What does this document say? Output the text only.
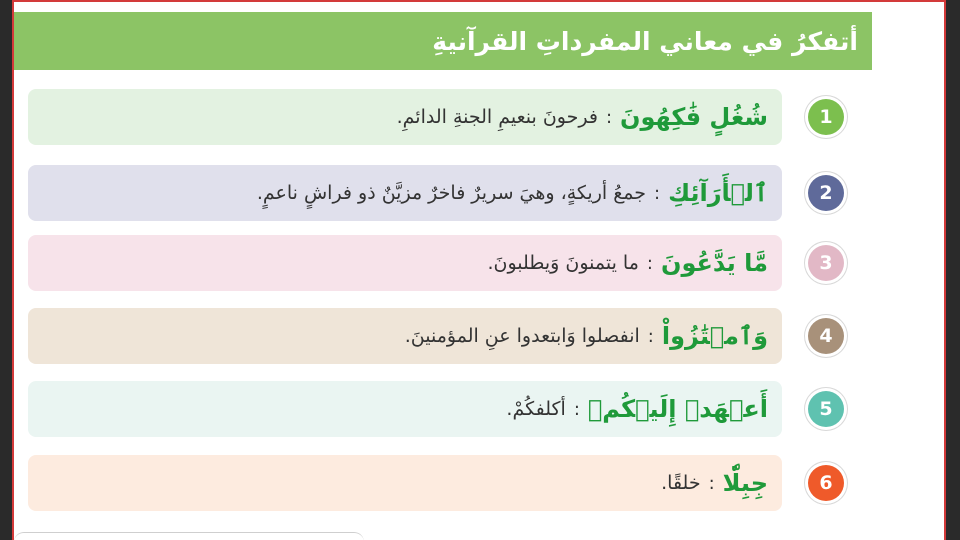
أتفكرُ في معاني المفرداتِ القرآنيةِ
شُغُلٍ فَٰكِهُونَ
:
فرحونَ بنعيمِ الجنةِ الدائمِ.	1
ٱلۡأَرَآئِكِ
:
جمعُ أريكةٍ، وهيَ سريرٌ فاخرٌ مزيَّنٌ ذو فراشٍ ناعمٍ.	2
مَّا يَدَّعُونَ
:
ما يتمنونَ وَيطلبونَ.	3
وَٱمۡتَٰزُواْ
:
انفصلوا وَابتعدوا عنِ المؤمنينَ.	4
أَعۡهَدۡ إِلَيۡكُمۡ
:
أكلفكُمْ.	5
جِبِلّٗا
:
خلقًا.	6
